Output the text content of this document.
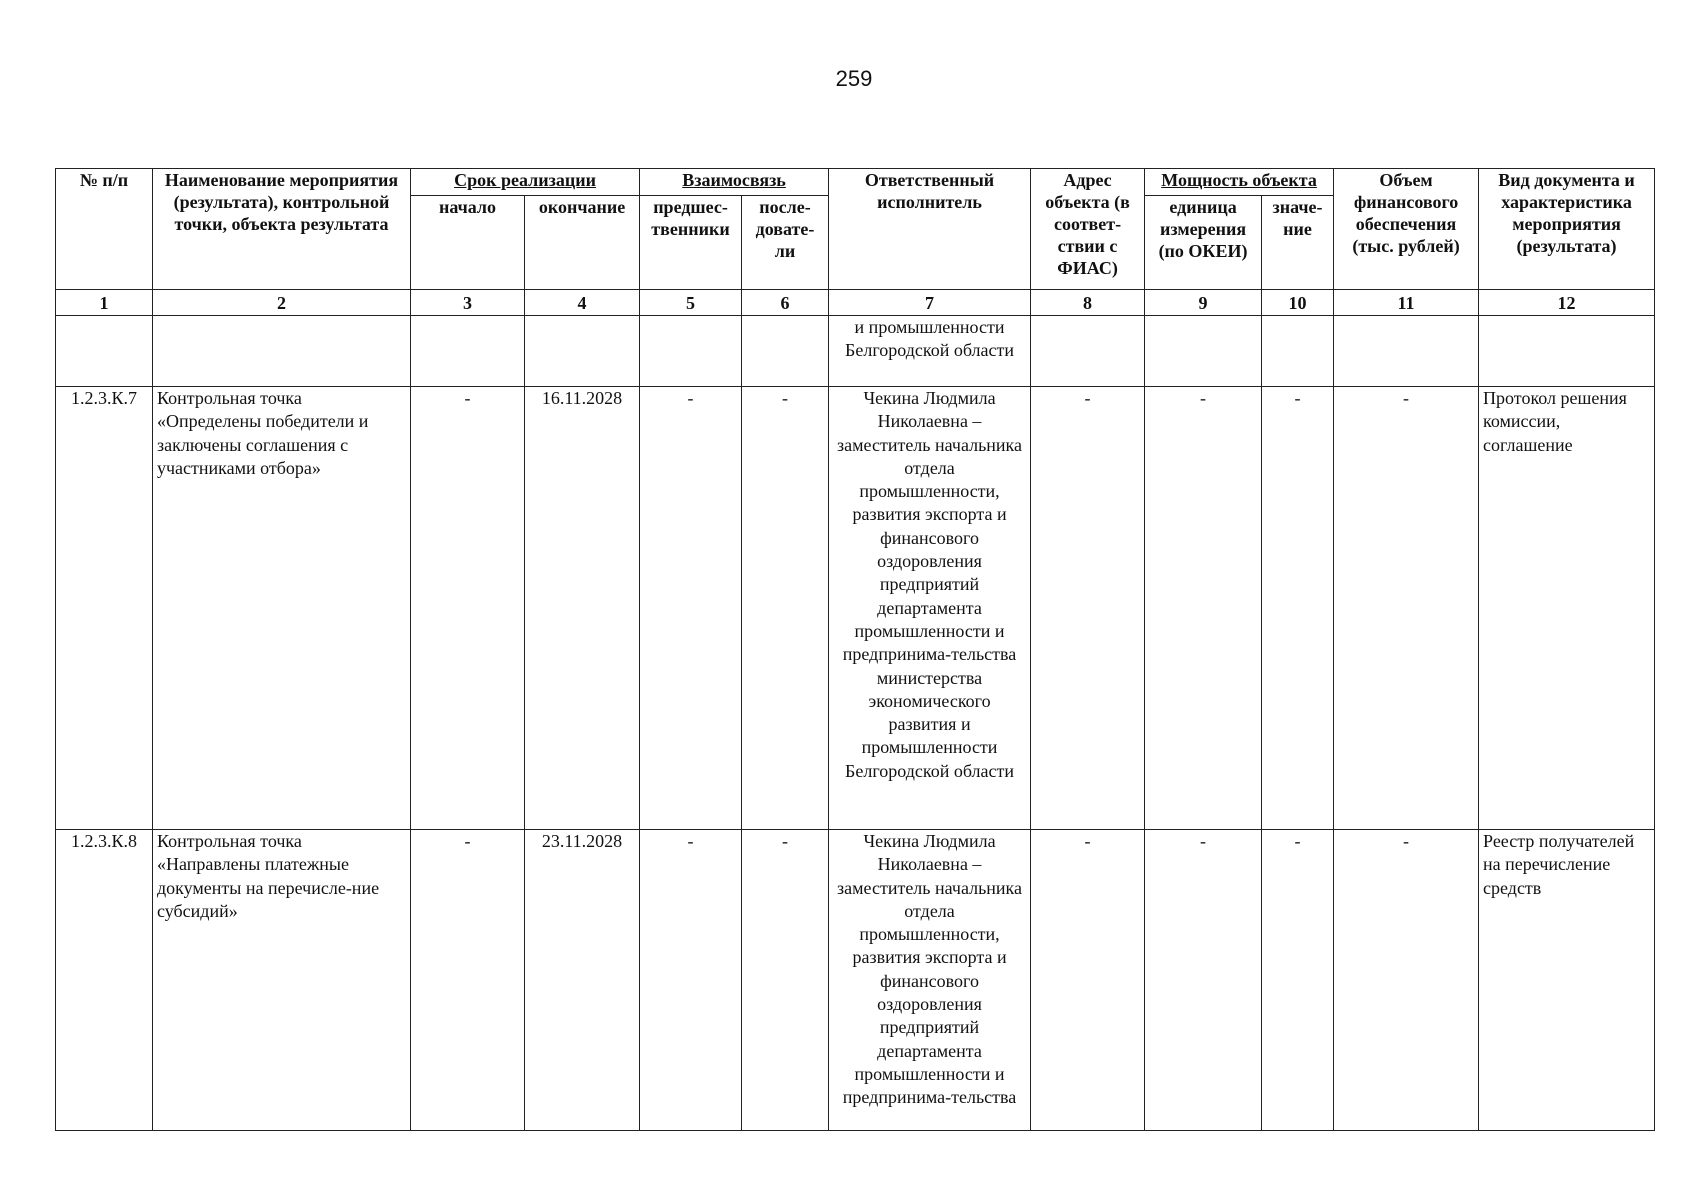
259
№ п/п	Наименование мероприятия (результата), контрольной точки, объекта результата	Срок реализации		Взаимосвязь		Ответственный исполнитель	Адрес объекта (в соответ-ствии с ФИАС)	Мощность объекта		Объем финансового обеспечения (тыс. рублей)	Вид документа и характеристика мероприятия (результата)
		начало	окончание	предшес-твенники	после-довате-ли			единица измерения (по ОКЕИ)	значе-ние		
1	2	3	4	5	6	7	8	9	10	11	12
						и промышленности Белгородской области					
1.2.3.К.7	Контрольная точка «Определены победители и заключены соглашения с участниками отбора»	-	16.11.2028	-	-	Чекина Людмила Николаевна – заместитель начальника отдела промышленности, развития экспорта и финансового оздоровления предприятий департамента промышленности и предпринима-тельства министерства экономического развития и промышленности Белгородской области	-	-	-	-	Протокол решения комиссии, соглашение
1.2.3.К.8	Контрольная точка «Направлены платежные документы на перечисле-ние субсидий»	-	23.11.2028	-	-	Чекина Людмила Николаевна – заместитель начальника отдела промышленности, развития экспорта и финансового оздоровления предприятий департамента промышленности и предпринима-тельства	-	-	-	-	Реестр получателей на перечисление средств
